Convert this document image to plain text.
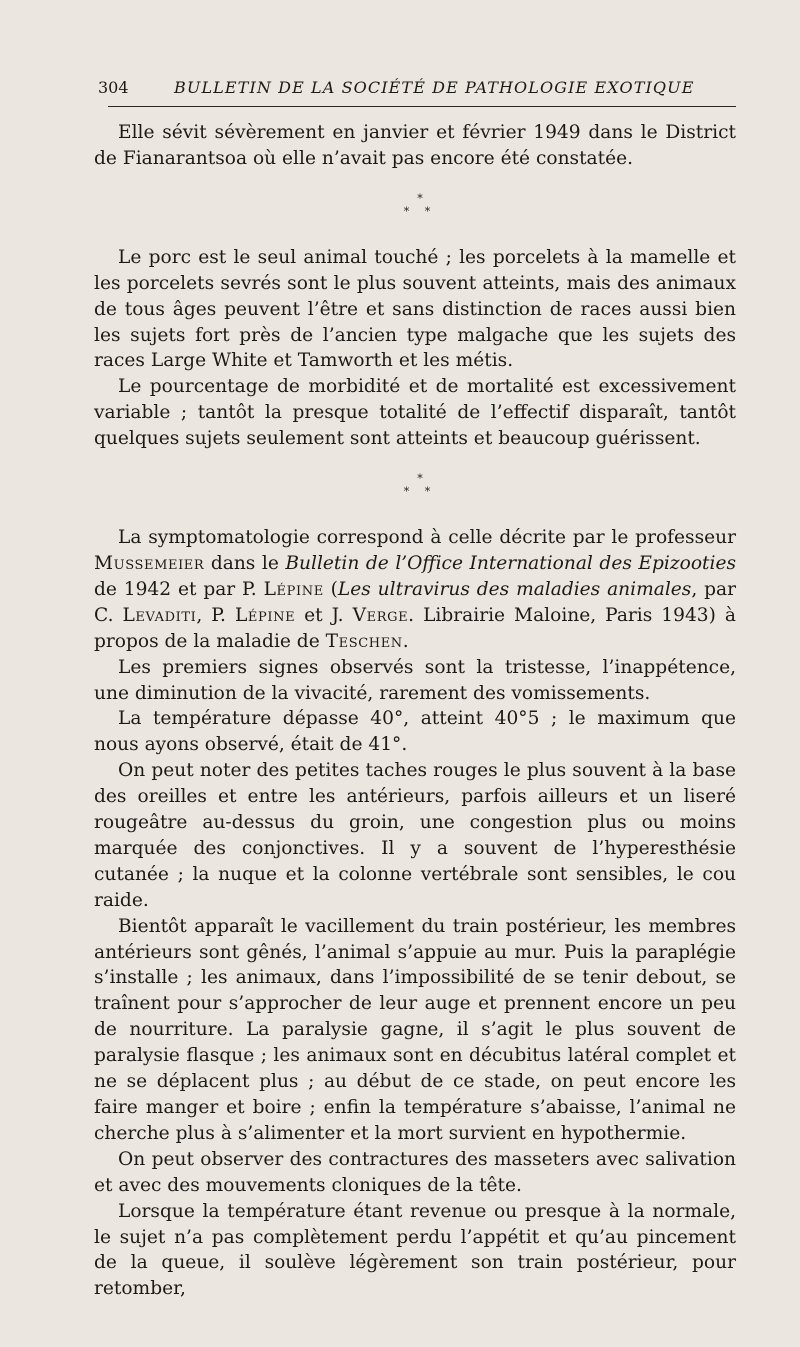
304	BULLETIN DE LA SOCIÉTÉ DE PATHOLOGIE EXOTIQUE

Elle sévit sévèrement en janvier et février 1949 dans le District de Fianarantsoa où elle n’avait pas encore été constatée.

*
* *

Le porc est le seul animal touché ; les porcelets à la mamelle et les porcelets sevrés sont le plus souvent atteints, mais des animaux de tous âges peuvent l’être et sans distinction de races aussi bien les sujets fort près de l’ancien type malgache que les sujets des races Large White et Tamworth et les métis.

Le pourcentage de morbidité et de mortalité est excessivement variable ; tantôt la presque totalité de l’effectif disparaît, tantôt quelques sujets seulement sont atteints et beaucoup guérissent.

*
* *

La symptomatologie correspond à celle décrite par le professeur Mussemeier dans le Bulletin de l’Office International des Epizooties de 1942 et par P. Lépine (Les ultravirus des maladies animales, par C. Levaditi, P. Lépine et J. Verge. Librairie Maloine, Paris 1943) à propos de la maladie de Teschen.

Les premiers signes observés sont la tristesse, l’inappétence, une diminution de la vivacité, rarement des vomissements.

La température dépasse 40°, atteint 40°5 ; le maximum que nous ayons observé, était de 41°.

On peut noter des petites taches rouges le plus souvent à la base des oreilles et entre les antérieurs, parfois ailleurs et un liseré rougeâtre au-dessus du groin, une congestion plus ou moins marquée des conjonctives. Il y a souvent de l’hyperesthésie cutanée ; la nuque et la colonne vertébrale sont sensibles, le cou raide.

Bientôt apparaît le vacillement du train postérieur, les membres antérieurs sont gênés, l’animal s’appuie au mur. Puis la paraplégie s’installe ; les animaux, dans l’impossibilité de se tenir debout, se traînent pour s’approcher de leur auge et prennent encore un peu de nourriture. La paralysie gagne, il s’agit le plus souvent de paralysie flasque ; les animaux sont en décubitus latéral complet et ne se déplacent plus ; au début de ce stade, on peut encore les faire manger et boire ; enfin la température s’abaisse, l’animal ne cherche plus à s’alimenter et la mort survient en hypothermie.

On peut observer des contractures des masseters avec salivation et avec des mouvements cloniques de la tête.

Lorsque la température étant revenue ou presque à la normale, le sujet n’a pas complètement perdu l’appétit et qu’au pincement de la queue, il soulève légèrement son train postérieur, pour retomber,
